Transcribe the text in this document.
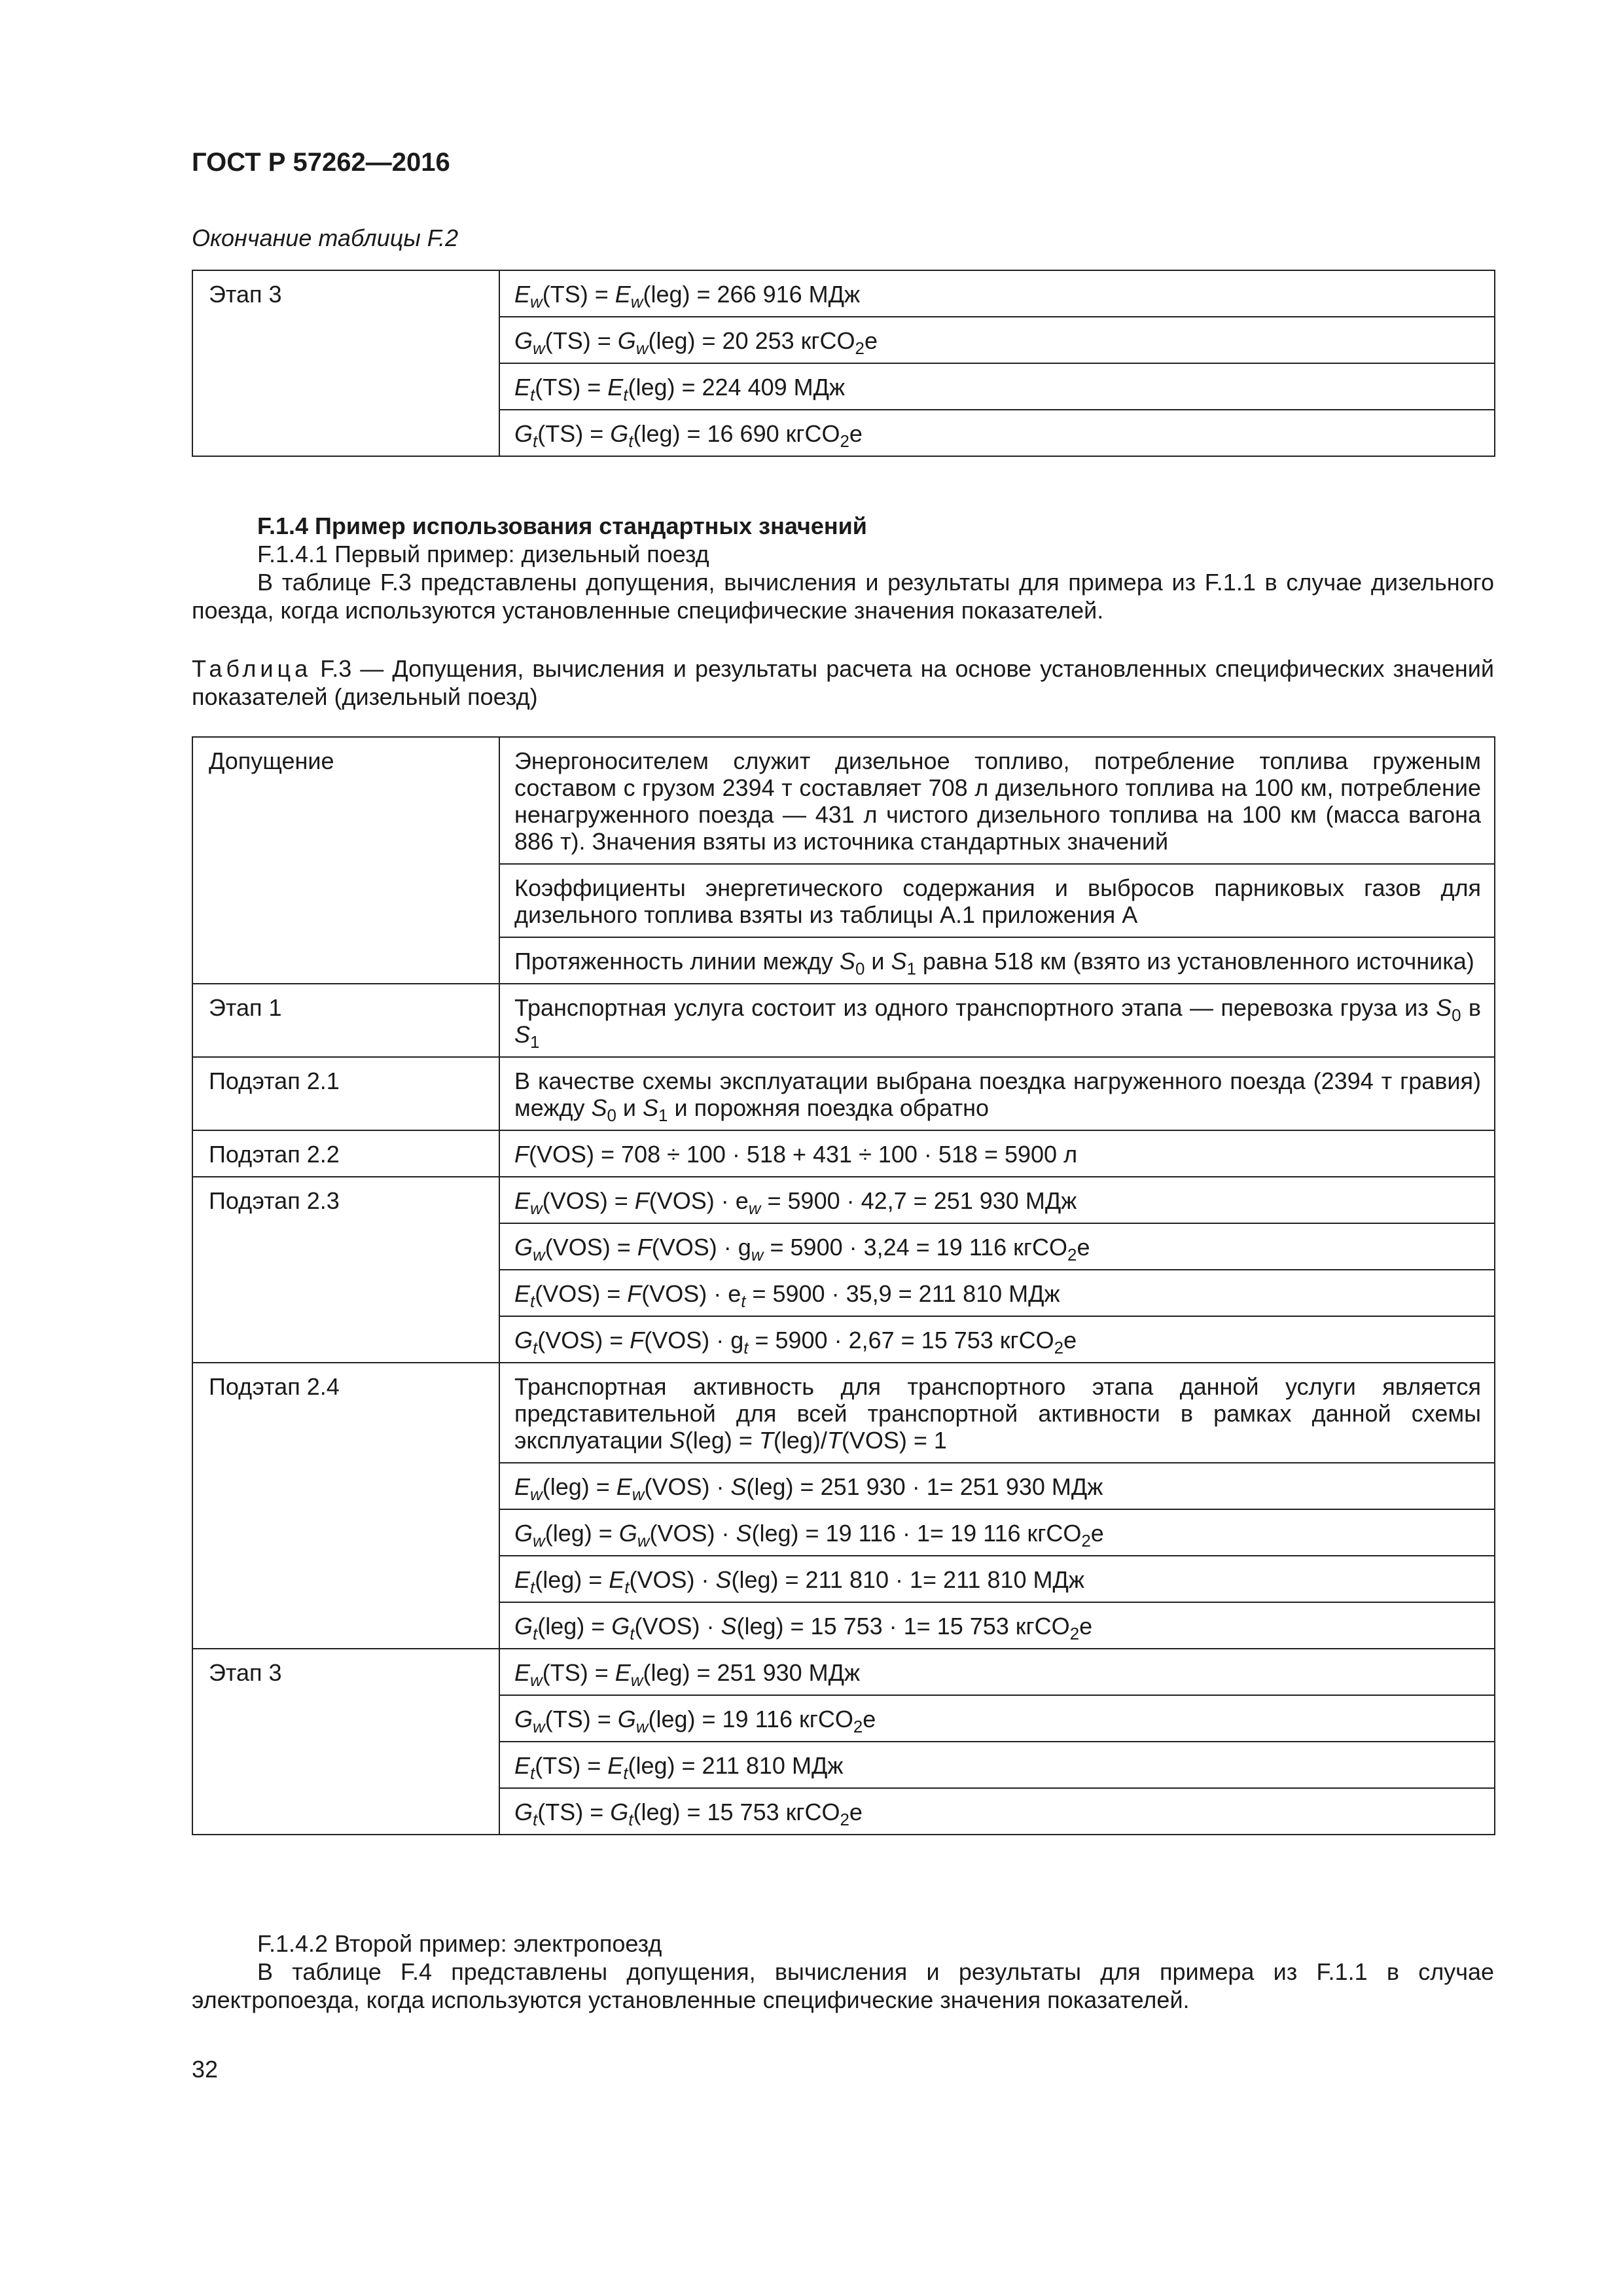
ГОСТ Р 57262—2016
Окончание таблицы F.2
Этап 3	$E_w(TS) = E_w(leg) = 266$ 916 МДж
$G_w(TS) = G_w(leg) = 20$ 253 кгCO$_2$e
$E_t(TS) = E_t(leg) = 224$ 409 МДж
$G_t(TS) = G_t(leg) = 16$ 690 кгCO$_2$e
F.1.4 Пример использования стандартных значений
F.1.4.1 Первый пример: дизельный поезд
В таблице F.3 представлены допущения, вычисления и результаты для примера из F.1.1 в случае дизельного поезда, когда используются установленные специфические значения показателей.
Таблица F.3 — Допущения, вычисления и результаты расчета на основе установленных специфических значений показателей (дизельный поезд)
Допущение	Энергоносителем служит дизельное топливо, потребление топлива груженым составом с грузом 2394 т составляет 708 л дизельного топлива на 100 км, потребление ненагруженного поезда — 431 л чистого дизельного топлива на 100 км (масса вагона 886 т). Значения взяты из источника стандартных значений
	Коэффициенты энергетического содержания и выбросов парниковых газов для дизельного топлива взяты из таблицы А.1 приложения А
	Протяженность линии между $S_0$ и $S_1$ равна 518 км (взято из установленного источника)
Этап 1	Транспортная услуга состоит из одного транспортного этапа — перевозка груза из $S_0$ в $S_1$
Подэтап 2.1	В качестве схемы эксплуатации выбрана поездка нагруженного поезда (2394 т гравия) между $S_0$ и $S_1$ и порожняя поездка обратно
Подэтап 2.2	F(VOS) = 708 ÷ 100 · 518 + 431 ÷ 100 · 518 = 5900 л
Подэтап 2.3	$E_w(VOS) = F(VOS) \cdot e_w = 5900 \cdot 42,7 = 251$ 930 МДж
	$G_w(VOS) = F(VOS) \cdot g_w = 5900 \cdot 3,24 = 19$ 116 кгCO$_2$e
	$E_t(VOS) = F(VOS) \cdot e_t = 5900 \cdot 35,9 = 211$ 810 МДж
	$G_t(VOS) = F(VOS) \cdot g_t = 5900 \cdot 2,67 = 15$ 753 кгCO$_2$e
Подэтап 2.4	Транспортная активность для транспортного этапа данной услуги является представительной для всей транспортной активности в рамках данной схемы эксплуатации S(leg) = T(leg)/T(VOS) = 1
	$E_w(leg) = E_w(VOS) \cdot S(leg) = 251$ 930 · 1= 251 930 МДж
	$G_w(leg) = G_w(VOS) \cdot S(leg) = 19$ 116 · 1= 19 116 кгCO$_2$e
	$E_t(leg) = E_t(VOS) \cdot S(leg) = 211$ 810 · 1= 211 810 МДж
	$G_t(leg) = G_t(VOS) \cdot S(leg) = 15$ 753 · 1= 15 753 кгCO$_2$e
Этап 3	$E_w(TS) = E_w(leg) = 251$ 930 МДж
	$G_w(TS) = G_w(leg) = 19$ 116 кгCO$_2$e
	$E_t(TS) = E_t(leg) = 211$ 810 МДж
	$G_t(TS) = G_t(leg) = 15$ 753 кгCO$_2$e
F.1.4.2 Второй пример: электропоезд
В таблице F.4 представлены допущения, вычисления и результаты для примера из F.1.1 в случае электропоезда, когда используются установленные специфические значения показателей.
32
